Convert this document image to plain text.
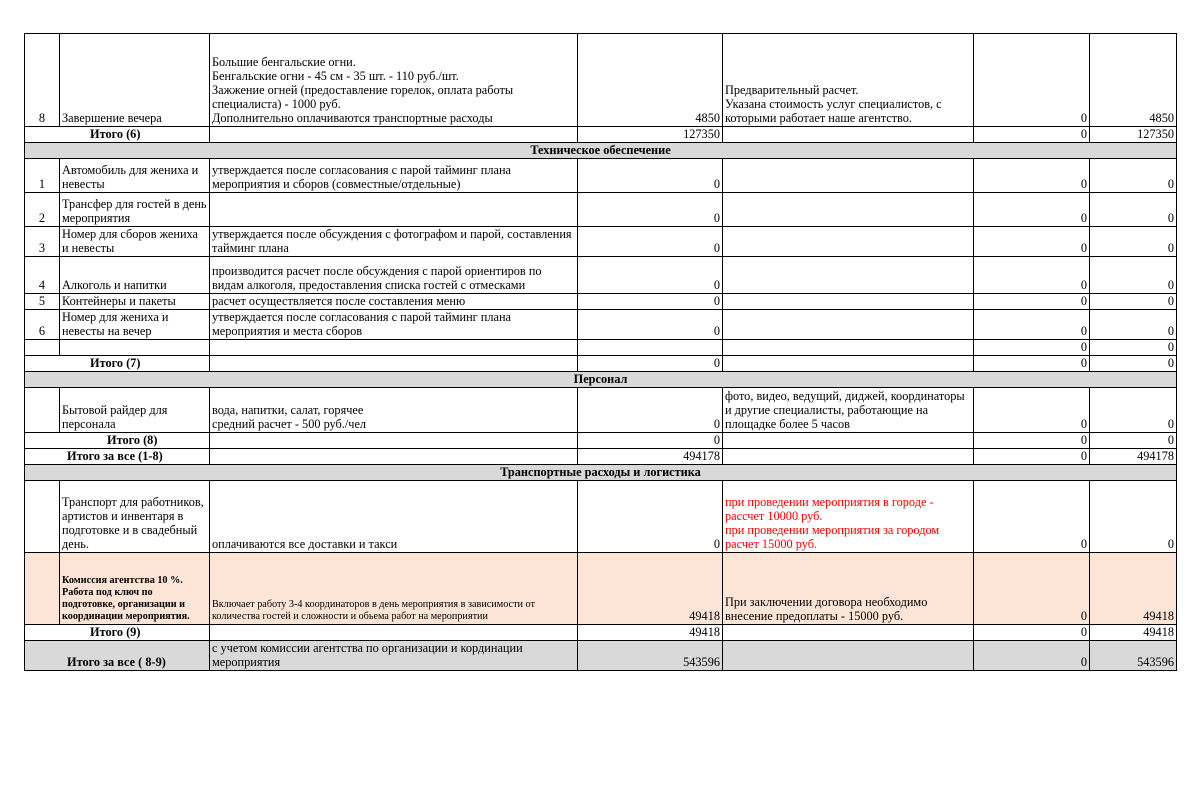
8	Завершение вечера	Большие бенгальские огни.
Бенгальские огни - 45 см - 35 шт. - 110 руб./шт.
Зажжение огней (предоставление горелок, оплата работы специалиста) - 1000 руб.
Дополнительно оплачиваются транспортные расходы	4850	Предварительный расчет.
Указана стоимость услуг специалистов, с которыми работает наше агентство.	0	4850
Итого (6)			127350		0	127350
Техническое обеспечение						
1	Автомобиль для жениха и невесты	утверждается после согласования с парой тайминг плана мероприятия и сборов (совместные/отдельные)	0		0	0
2	Трансфер для гостей в день мероприятия		0		0	0
3	Номер для сборов жениха и невесты	утверждается после обсуждения с фотографом и парой, составления тайминг плана	0		0	0
4	Алкоголь и напитки	производится расчет после обсуждения с парой ориентиров по видам алкоголя, предоставления списка гостей с отмесками	0		0	0
5	Контейнеры и пакеты	расчет осуществляется после составления меню	0		0	0
6	Номер для жениха и невесты на вечер	утверждается после согласования с парой тайминг плана мероприятия и места сборов	0		0	0
					0	0
Итого (7)			0		0	0
Персонал						
	Бытовой райдер для персонала	вода, напитки, салат, горячее
средний расчет - 500 руб./чел	0	фото, видео, ведущий, диджей, координаторы и другие специалисты, работающие на площадке более 5 часов	0	0
Итого (8)			0		0	0
Итого за все (1-8)			494178		0	494178
Транспортные расходы и логистика						
	Транспорт для работников, артистов и инвентаря в подготовке и в свадебный день.	оплачиваются все доставки и такси	0	при проведении мероприятия в городе - рассчет 10000 руб.
при проведении мероприятия за городом расчет 15000 руб.	0	0
	Комиссия агентства 10 %. Работа под ключ по подготовке, организации и координации мероприятия.	Включает работу 3-4 координаторов в день мероприятия в зависимости от количества гостей и сложности и обьема работ на мероприятии	49418	При заключении договора необходимо внесение предоплаты - 15000 руб.	0	49418
Итого (9)			49418		0	49418
Итого за все ( 8-9)		с учетом комиссии агентства по организации и кординации мероприятия	543596		0	543596
